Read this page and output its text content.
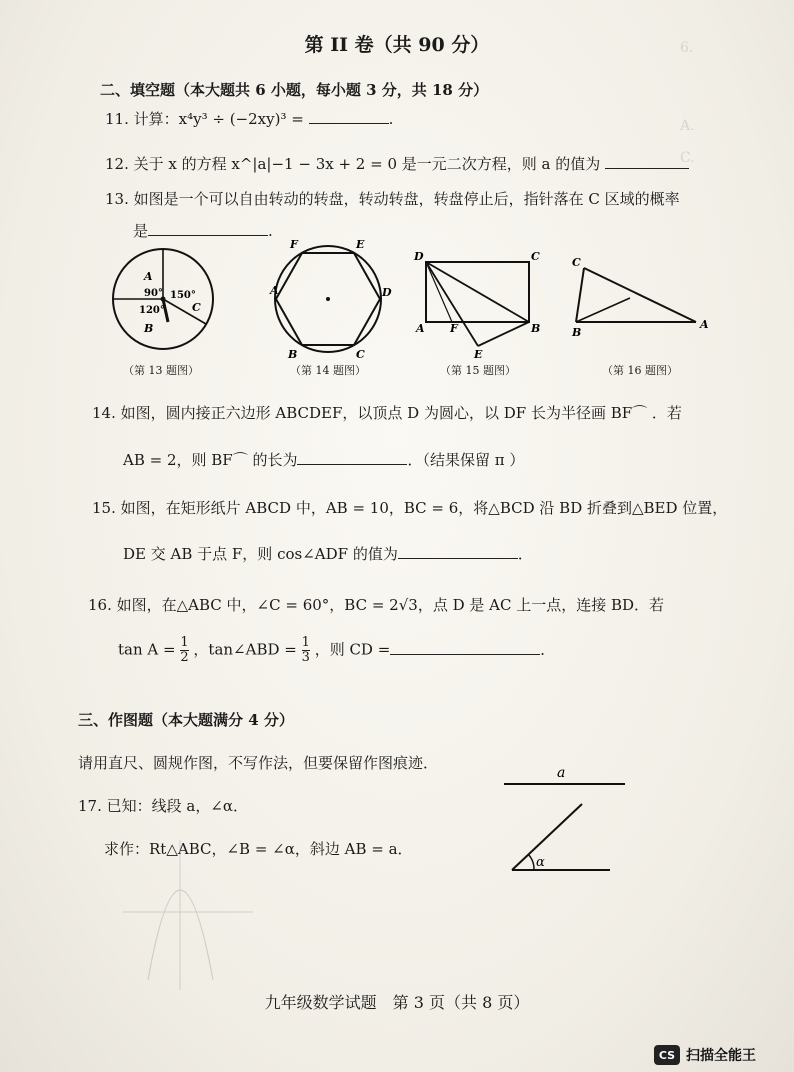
6.
A.
C.
第 II 卷（共 90 分）
二、填空题（本大题共 6 小题，每小题 3 分，共 18 分）
11. 计算：x⁴y³ ÷ (−2xy)³ =	.
12. 关于 x 的方程 x^|a|−1 − 3x + 2 = 0 是一元二次方程，则 a 的值为
13. 如图是一个可以自由转动的转盘，转动转盘，转盘停止后，指针落在 C 区域的概率
是	.
A
90° 150°
C
120°
B
（第 13 题图）
F	E
A	D
B	C
（第 14 题图）
D	C
A F	B
E
（第 15 题图）
C
B
A
（第 16 题图）
14. 如图，圆内接正六边形 ABCDEF，以顶点 D 为圆心，以 DF 长为半径画 BF⌒ ．若
AB = 2，则 BF⌒ 的长为	．（结果保留 π ）
15. 如图，在矩形纸片 ABCD 中，AB = 10，BC = 6，将△BCD 沿 BD 折叠到△BED 位置，
DE 交 AB 于点 F，则 cos∠ADF 的值为	．
16. 如图，在△ABC 中，∠C = 60°，BC = 2√3，点 D 是 AC 上一点，连接 BD．若
$\tan A = \frac{1}{2}$ ，tan∠ABD = $\frac{1}{3}$ ，则 CD =	．
三、作图题（本大题满分 4 分）
请用直尺、圆规作图，不写作法，但要保留作图痕迹．
17. 已知：线段 a，∠α．
求作：Rt△ABC，∠B = ∠α，斜边 AB = a．
a
α
九年级数学试题　第 3 页（共 8 页）
CS 扫描全能王
